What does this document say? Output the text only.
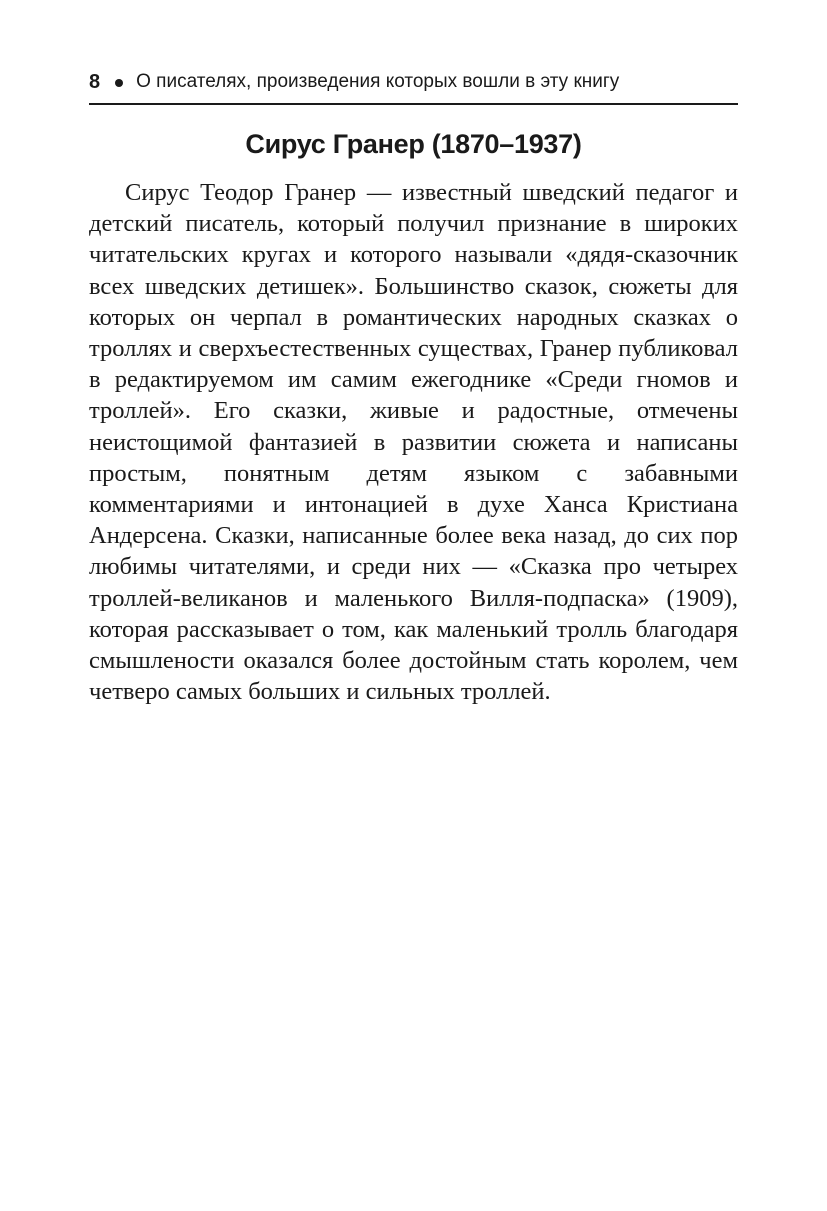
8 О писателях, произведения которых вошли в эту книгу
Сирус Гранер (1870–1937)

Сирус Теодор Гранер — известный шведский педагог и детский писатель, который получил признание в широких читательских кругах и которого называли «дядя-сказочник всех шведских детишек». Большинство сказок, сюжеты для которых он черпал в романтических народных сказках о троллях и сверхъестественных существах, Гранер публиковал в редактируемом им самим ежегоднике «Среди гномов и троллей». Его сказки, живые и радостные, отмечены неистощимой фантазией в развитии сюжета и написаны простым, понятным детям языком с забавными комментариями и интонацией в духе Ханса Кристиана Андерсена. Сказки, написанные более века назад, до сих пор любимы читателями, и среди них — «Сказка про четырех троллей-великанов и маленького Вилля-подпаска» (1909), которая рассказывает о том, как маленький тролль благодаря смышлености оказался более достойным стать королем, чем четверо самых больших и сильных троллей.
